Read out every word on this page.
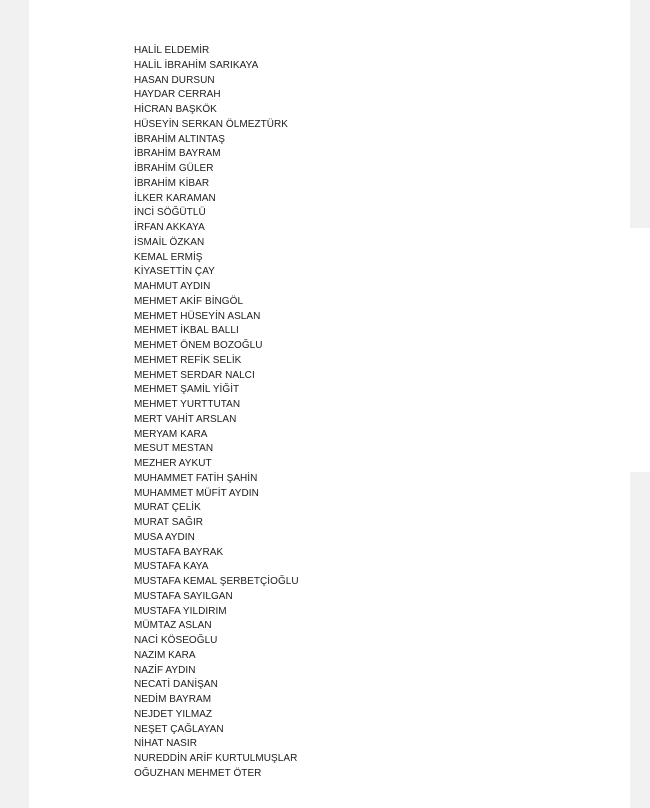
HALİL ELDEMİR
HALİL İBRAHİM SARIKAYA
HASAN DURSUN
HAYDAR CERRAH
HİCRAN BAŞKÖK
HÜSEYİN SERKAN ÖLMEZTÜRK
İBRAHİM ALTINTAŞ
İBRAHİM BAYRAM
İBRAHİM GÜLER
İBRAHİM KİBAR
İLKER KARAMAN
İNCİ SÖĞÜTLÜ
İRFAN AKKAYA
İSMAİL ÖZKAN
KEMAL ERMİŞ
KİYASETTİN ÇAY
MAHMUT AYDIN
MEHMET AKİF BİNGÖL
MEHMET HÜSEYİN ASLAN
MEHMET İKBAL BALLI
MEHMET ÖNEM BOZOĞLU
MEHMET REFİK SELİK
MEHMET SERDAR NALCI
MEHMET ŞAMİL YİĞİT
MEHMET YURTTUTAN
MERT VAHİT ARSLAN
MERYAM KARA
MESUT MESTAN
MEZHER AYKUT
MUHAMMET FATİH ŞAHİN
MUHAMMET MÜFİT AYDIN
MURAT ÇELİK
MURAT SAĞIR
MUSA AYDIN
MUSTAFA BAYRAK
MUSTAFA KAYA
MUSTAFA KEMAL ŞERBETÇİOĞLU
MUSTAFA SAYILGAN
MUSTAFA YILDIRIM
MÜMTAZ ASLAN
NACİ KÖSEOĞLU
NAZIM KARA
NAZİF AYDIN
NECATİ DANİŞAN
NEDİM BAYRAM
NEJDET YILMAZ
NEŞET ÇAĞLAYAN
NİHAT NASIR
NUREDDİN ARİF KURTULMUŞLAR
OĞUZHAN MEHMET ÖTER
